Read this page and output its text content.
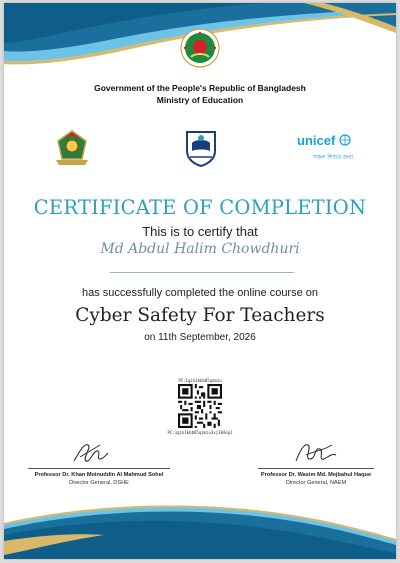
Government of the People's Republic of Bangladesh
Ministry of Education
unicef
সকল শিশুর জন্য
CERTIFICATE OF COMPLETION
This is to certify that
Md Abdul Halim Chowdhuri
has successfully completed the online course on
Cyber Safety For Teachers
on 11th September, 2026
PC:1gzn1kbb05qzmzu
PC:1gzn1kbb05qzmzu3xj384ep1
Professor Dr. Khan Moinuddin Al Mahmud Sohel
Director General, DSHE
Professor Dr. Wasim Md. Mejbahul Haque
Director General, NAEM
